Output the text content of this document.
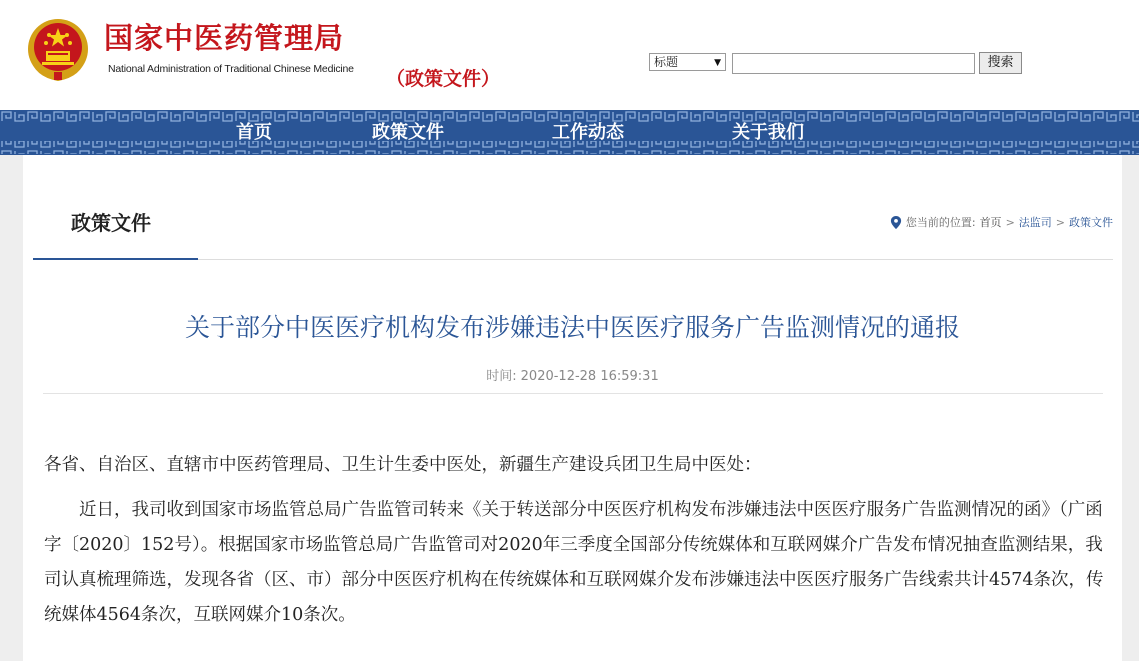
国家中医药管理局
National Administration of Traditional Chinese Medicine （政策文件）
标题	▼	搜索
首页	政策文件	工作动态	关于我们
政策文件	您当前的位置: 首页 > 法监司 > 政策文件
关于部分中医医疗机构发布涉嫌违法中医医疗服务广告监测情况的通报
时间: 2020-12-28 16:59:31

各省、自治区、直辖市中医药管理局、卫生计生委中医处，新疆生产建设兵团卫生局中医处：

近日，我司收到国家市场监管总局广告监管司转来《关于转送部分中医医疗机构发布涉嫌违法中医医疗服务广告监测情况的函》（广函字〔2020〕152号）。根据国家市场监管总局广告监管司对2020年三季度全国部分传统媒体和互联网媒介广告发布情况抽查监测结果，我司认真梳理筛选，发现各省（区、市）部分中医医疗机构在传统媒体和互联网媒介发布涉嫌违法中医医疗服务广告线索共计4574条次，传统媒体4564条次，互联网媒介10条次。
